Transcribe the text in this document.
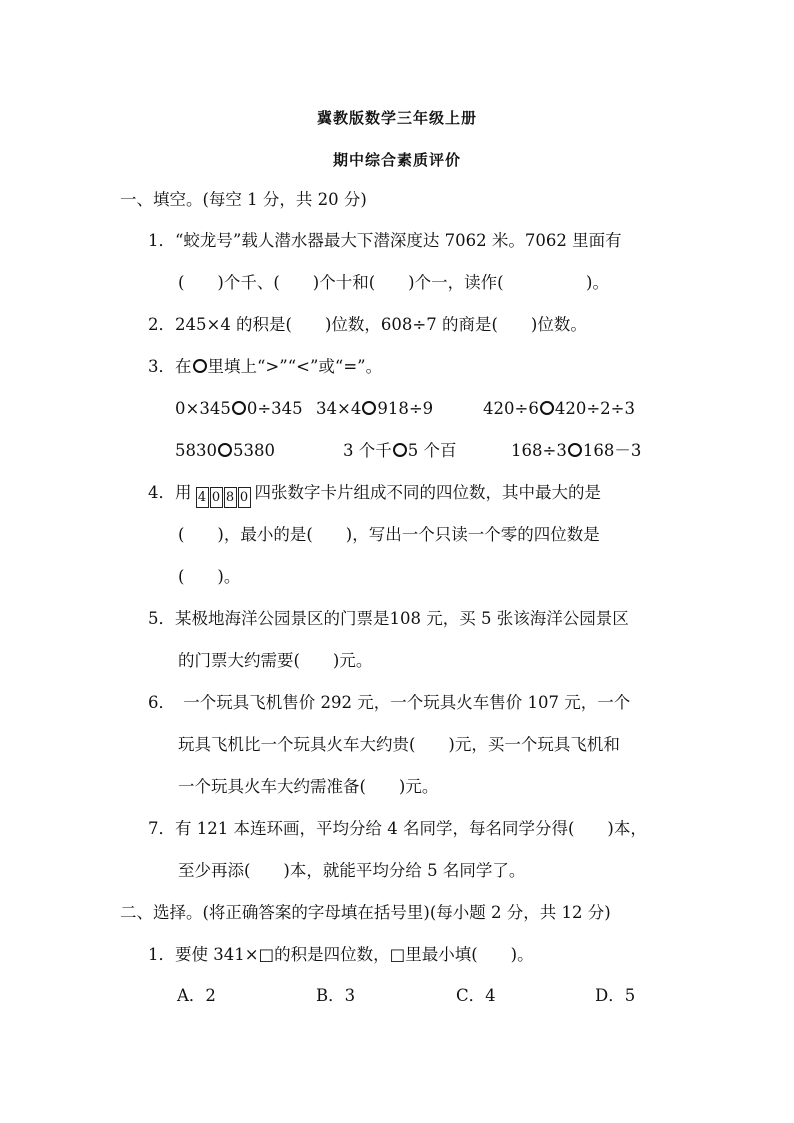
冀教版数学三年级上册
期中综合素质评价
一、填空。(每空 1 分，共 20 分)
1．“蛟龙号”载人潜水器最大下潜深度达 7062 米。7062 里面有
(　　)个千、(　　)个十和(　　)个一，读作(　　　　　)。
2．245×4 的积是(　　)位数，608÷7 的商是(　　)位数。
3．在 里填上“>”“<”或“=”。
0×345 0÷345 34×4 918÷9	420÷6 420÷2÷3
5830 5380	3 个千 5 个百	168÷3 168－3
4．用 4 0 8 0 四张数字卡片组成不同的四位数，其中最大的是
(　　)，最小的是(　　)，写出一个只读一个零的四位数是
(　　)。
5．某极地海洋公园景区的门票是108 元，买 5 张该海洋公园景区
的门票大约需要(　　)元。
6．　一个玩具飞机售价 292 元，一个玩具火车售价 107 元，一个
玩具飞机比一个玩具火车大约贵(　　)元，买一个玩具飞机和
一个玩具火车大约需准备(　　)元。
7．有 121 本连环画，平均分给 4 名同学，每名同学分得(　　)本，
至少再添(　　)本，就能平均分给 5 名同学了。
二、选择。(将正确答案的字母填在括号里)(每小题 2 分，共 12 分)
1．要使 341×□的积是四位数，□里最小填(　　)。
A．2	B．3	C．4	D．5
